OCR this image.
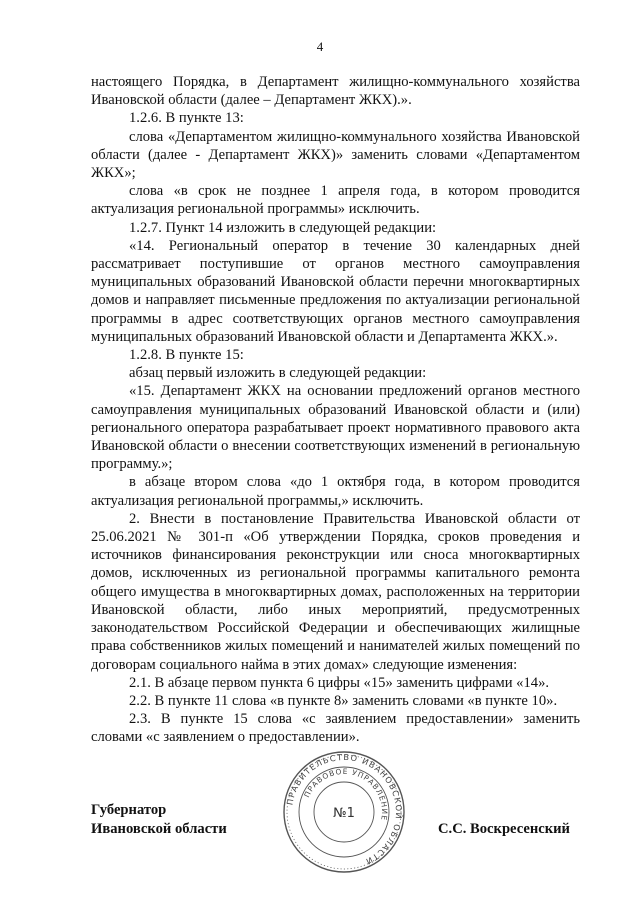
4

настоящего Порядка, в Департамент жилищно-коммунального хозяйства Ивановской области (далее – Департамент ЖКХ).».

1.2.6. В пункте 13:

слова «Департаментом жилищно-коммунального хозяйства Ивановской области (далее - Департамент ЖКХ)» заменить словами «Департаментом ЖКХ»;

слова «в срок не позднее 1 апреля года, в котором проводится актуализация региональной программы» исключить.

1.2.7. Пункт 14 изложить в следующей редакции:

«14. Региональный оператор в течение 30 календарных дней рассматривает поступившие от органов местного самоуправления муниципальных образований Ивановской области перечни многоквартирных домов и направляет письменные предложения по актуализации региональной программы в адрес соответствующих органов местного самоуправления муниципальных образований Ивановской области и Департамента ЖКХ.».

1.2.8. В пункте 15:

абзац первый изложить в следующей редакции:

«15. Департамент ЖКХ на основании предложений органов местного самоуправления муниципальных образований Ивановской области и (или) регионального оператора разрабатывает проект нормативного правового акта Ивановской области о внесении соответствующих изменений в региональную программу.»;

в абзаце втором слова «до 1 октября года, в котором проводится актуализация региональной программы,» исключить.

2. Внести в постановление Правительства Ивановской области от 25.06.2021 № 301-п «Об утверждении Порядка, сроков проведения и источников финансирования реконструкции или сноса многоквартирных домов, исключенных из региональной программы капитального ремонта общего имущества в многоквартирных домах, расположенных на территории Ивановской области, либо иных мероприятий, предусмотренных законодательством Российской Федерации и обеспечивающих жилищные права собственников жилых помещений и нанимателей жилых помещений по договорам социального найма в этих домах» следующие изменения:

2.1. В абзаце первом пункта 6 цифры «15» заменить цифрами «14».

2.2. В пункте 11 слова «в пункте 8» заменить словами «в пункте 10».

2.3. В пункте 15 слова «с заявлением предоставлении» заменить словами «с заявлением о предоставлении».

Губернатор
Ивановской области
ПРАВИТЕЛЬСТВО ИВАНОВСКОЙ ОБЛАСТИ
ПРАВОВОЕ УПРАВЛЕНИЕ
№1
С.С. Воскресенский
